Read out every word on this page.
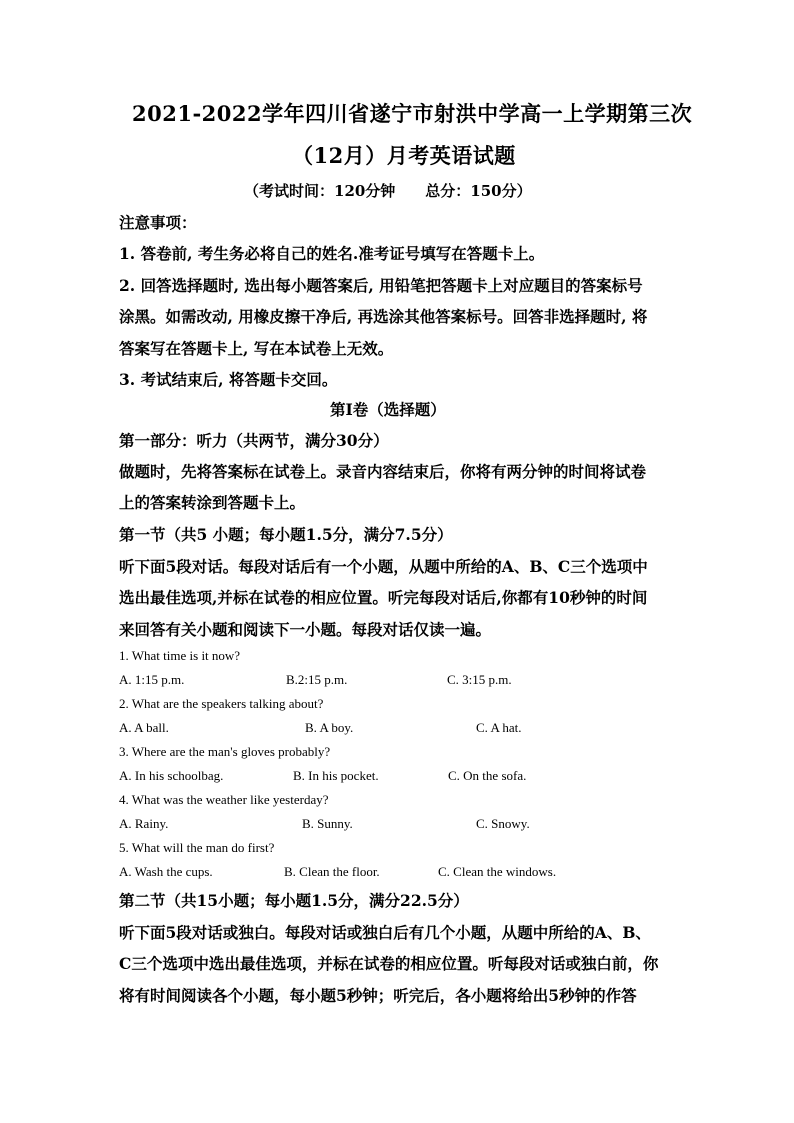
2021-2022学年四川省遂宁市射洪中学高一上学期第三次
（12月）月考英语试题
（考试时间：120分钟　　总分：150分）
注意事项：
1. 答卷前, 考生务必将自己的姓名.准考证号填写在答题卡上。
2. 回答选择题时, 选出每小题答案后, 用铅笔把答题卡上对应题目的答案标号
涂黑。如需改动, 用橡皮擦干净后, 再选涂其他答案标号。回答非选择题时, 将
答案写在答题卡上, 写在本试卷上无效。
3. 考试结束后, 将答题卡交回。
第I卷（选择题）
第一部分：听力（共两节，满分30分）
做题时，先将答案标在试卷上。录音内容结束后，你将有两分钟的时间将试卷
上的答案转涂到答题卡上。
第一节（共5 小题；每小题1.5分，满分7.5分）
听下面5段对话。每段对话后有一个小题，从题中所给的A、B、C三个选项中
选出最佳选项,并标在试卷的相应位置。听完每段对话后,你都有10秒钟的时间
来回答有关小题和阅读下一小题。每段对话仅读一遍。
1. What time is it now?
A. 1:15 p.m.	B.2:15 p.m.	C. 3:15 p.m.
2. What are the speakers talking about?
A. A ball.	B. A boy.	C. A hat.
3. Where are the man's gloves probably?
A. In his schoolbag.	B. In his pocket.	C. On the sofa.
4. What was the weather like yesterday?
A. Rainy.	B. Sunny.	C. Snowy.
5. What will the man do first?
A. Wash the cups.	B. Clean the floor.	C. Clean the windows.
第二节（共15小题；每小题1.5分，满分22.5分）
听下面5段对话或独白。每段对话或独白后有几个小题，从题中所给的A、B、
C三个选项中选出最佳选项，并标在试卷的相应位置。听每段对话或独白前，你
将有时间阅读各个小题，每小题5秒钟；听完后，各小题将给出5秒钟的作答
